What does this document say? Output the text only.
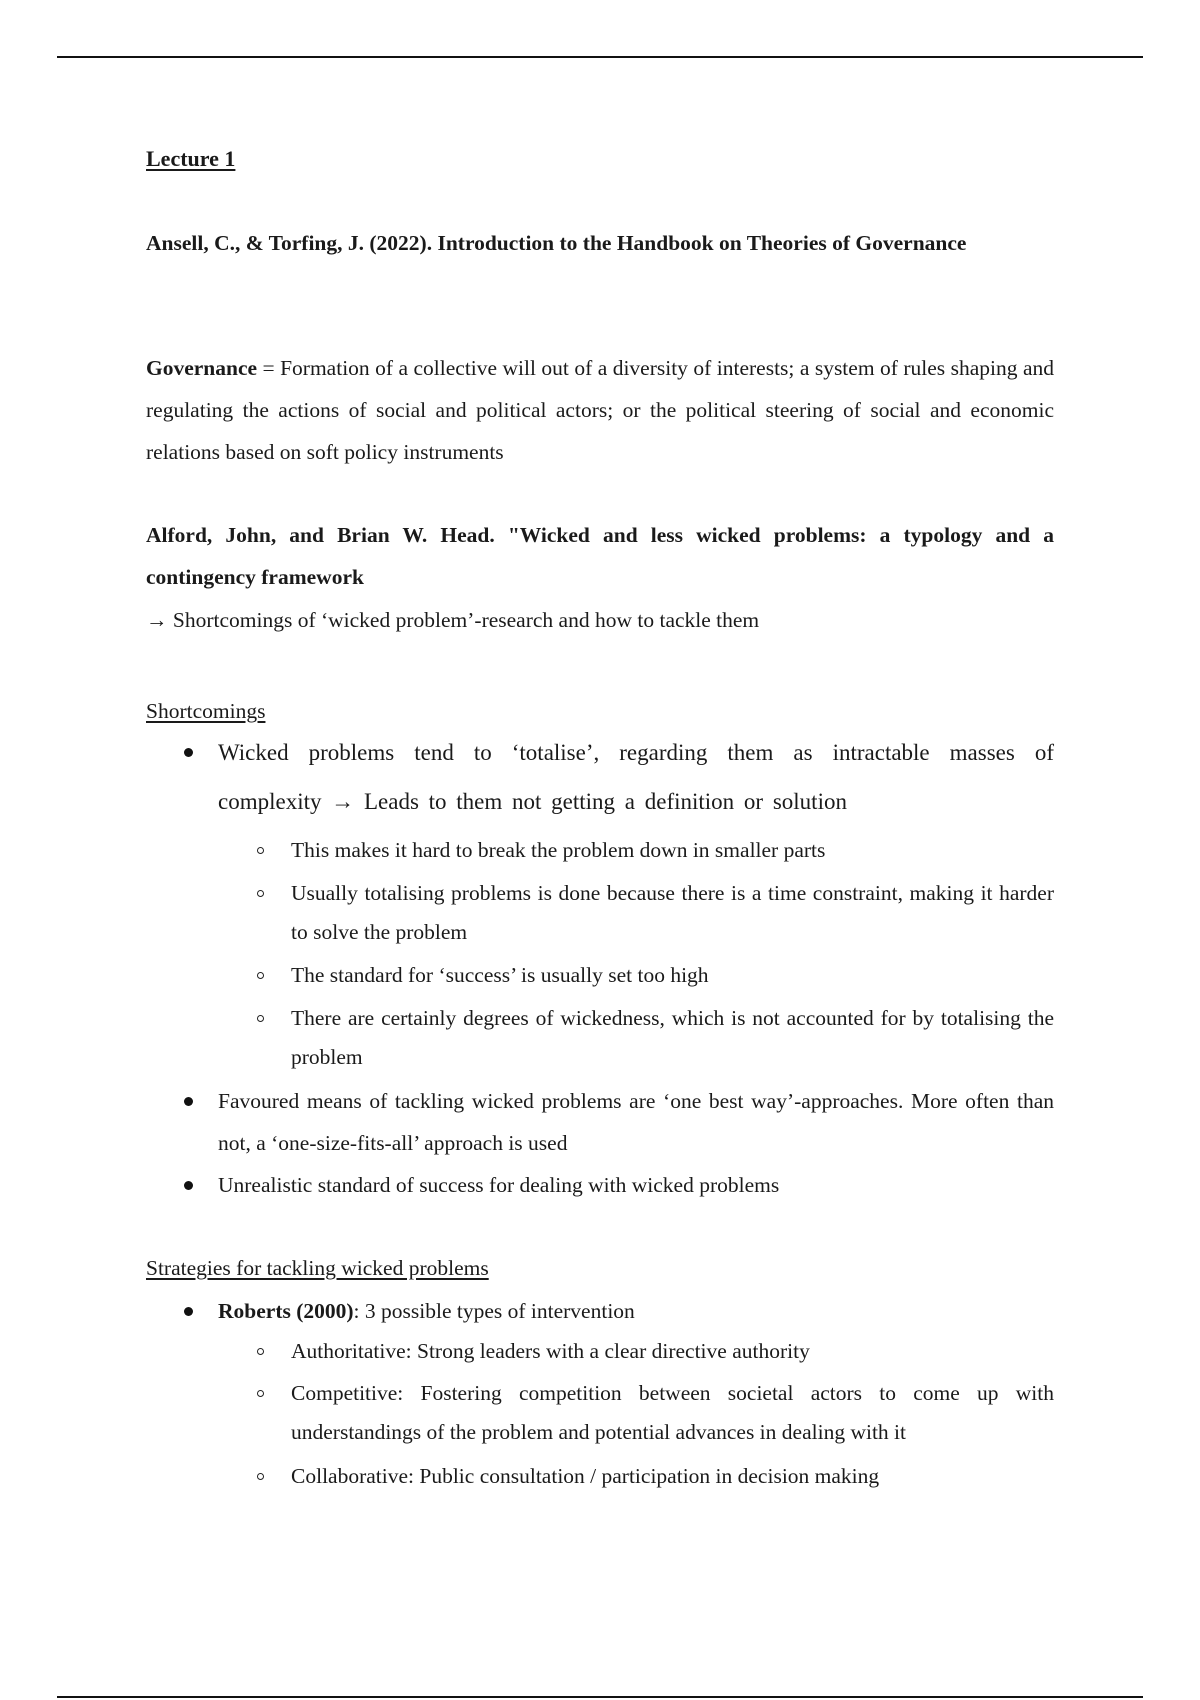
Lecture 1
Ansell, C., & Torfing, J. (2022). Introduction to the Handbook on Theories of Governance
Governance = Formation of a collective will out of a diversity of interests; a system of rules shaping and regulating the actions of social and political actors; or the political steering of social and economic relations based on soft policy instruments
Alford, John, and Brian W. Head. "Wicked and less wicked problems: a typology and a contingency framework
→ Shortcomings of ‘wicked problem’-research and how to tackle them
Shortcomings
Wicked problems tend to ‘totalise’, regarding them as intractable masses of complexity → Leads to them not getting a definition or solution
This makes it hard to break the problem down in smaller parts
Usually totalising problems is done because there is a time constraint, making it harder to solve the problem
The standard for ‘success’ is usually set too high
There are certainly degrees of wickedness, which is not accounted for by totalising the problem
Favoured means of tackling wicked problems are ‘one best way’-approaches. More often than not, a ‘one-size-fits-all’ approach is used
Unrealistic standard of success for dealing with wicked problems
Strategies for tackling wicked problems
Roberts (2000): 3 possible types of intervention
Authoritative: Strong leaders with a clear directive authority
Competitive: Fostering competition between societal actors to come up with understandings of the problem and potential advances in dealing with it
Collaborative: Public consultation / participation in decision making
